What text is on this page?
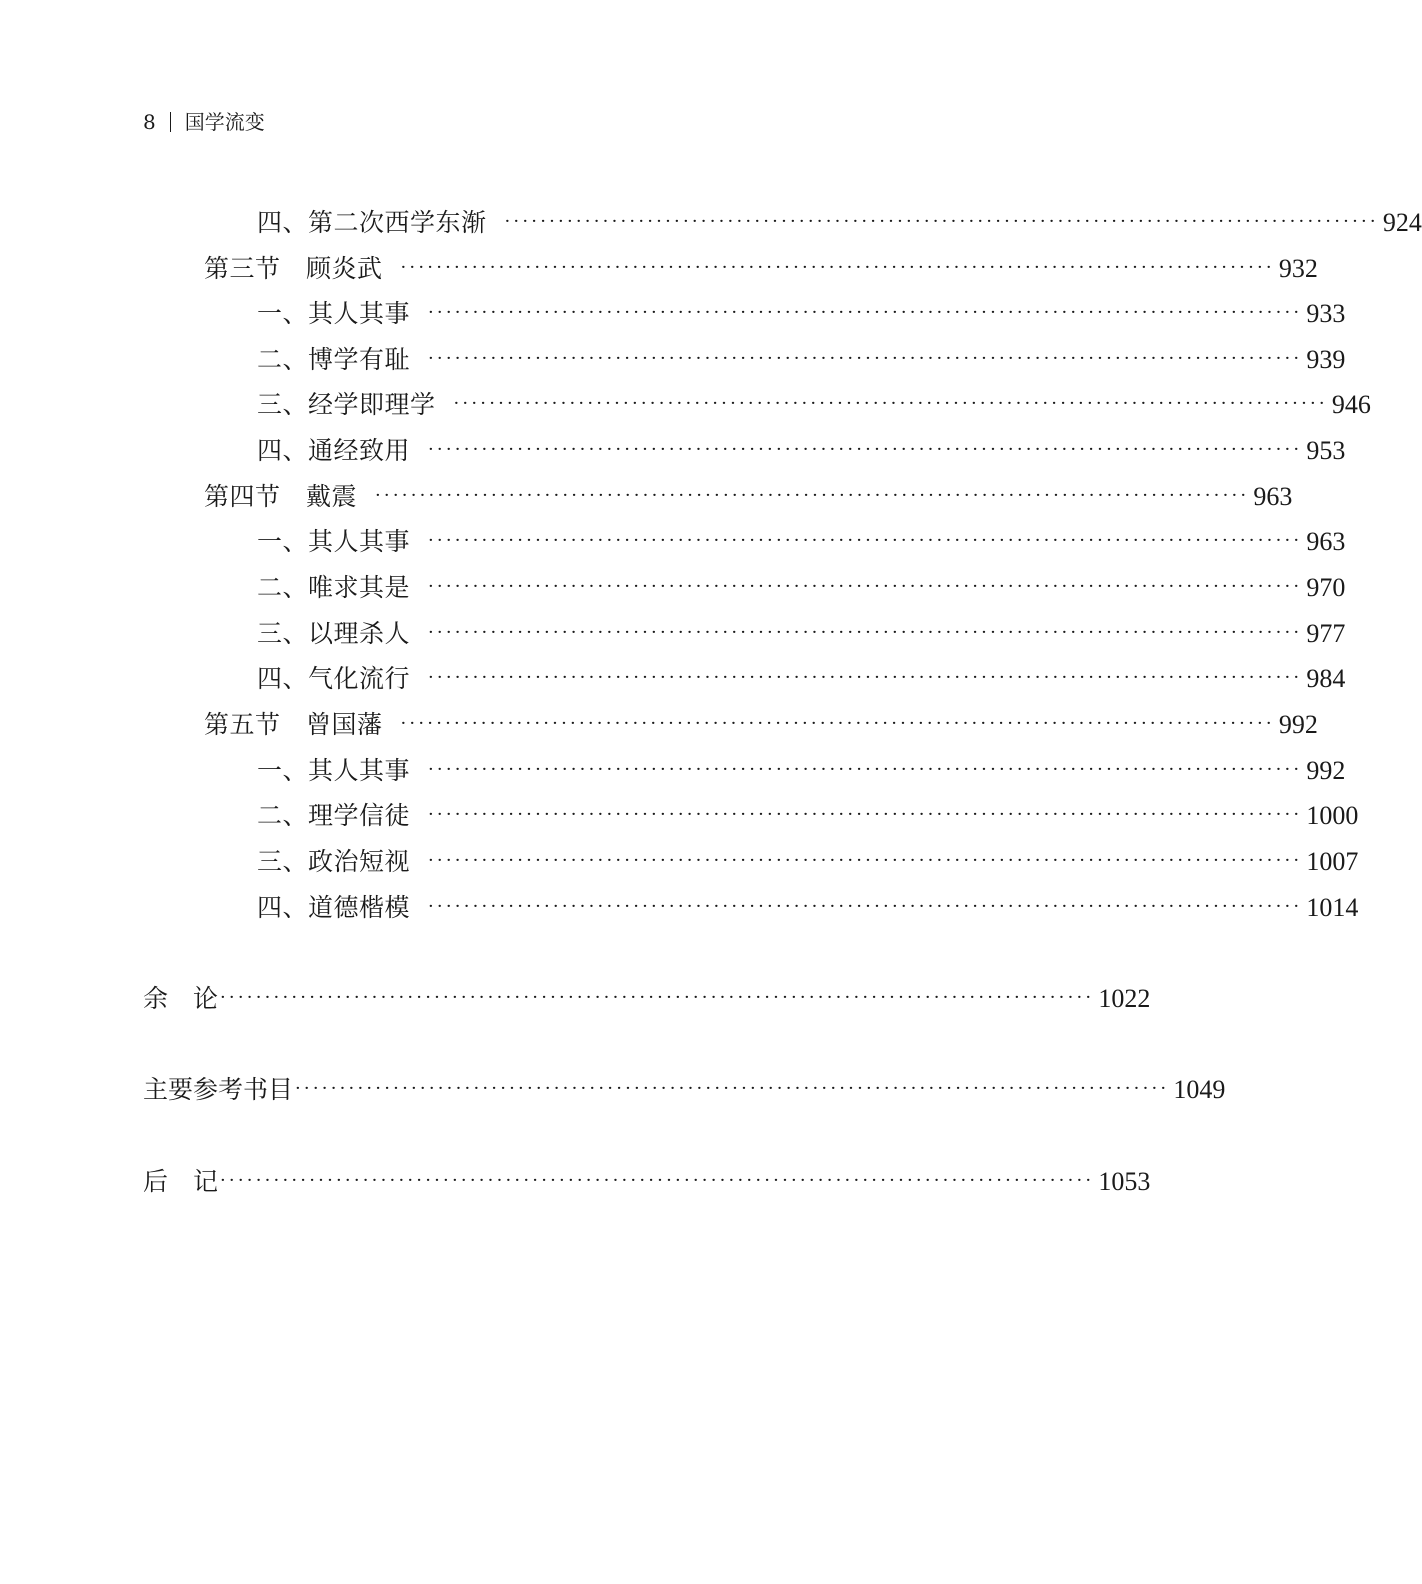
8 国学流变
四、第二次西学东渐 ·································································································· 924
第三节　顾炎武 ·································································································· 932
一、其人其事 ·································································································· 933
二、博学有耻 ·································································································· 939
三、经学即理学 ·································································································· 946
四、通经致用 ·································································································· 953
第四节　戴震 ·································································································· 963
一、其人其事 ·································································································· 963
二、唯求其是 ·································································································· 970
三、以理杀人 ·································································································· 977
四、气化流行 ·································································································· 984
第五节　曾国藩 ·································································································· 992
一、其人其事 ·································································································· 992
二、理学信徒 ·································································································· 1000
三、政治短视 ·································································································· 1007
四、道德楷模 ·································································································· 1014
余　论 ·································································································· 1022
主要参考书目 ·································································································· 1049
后　记 ·································································································· 1053
